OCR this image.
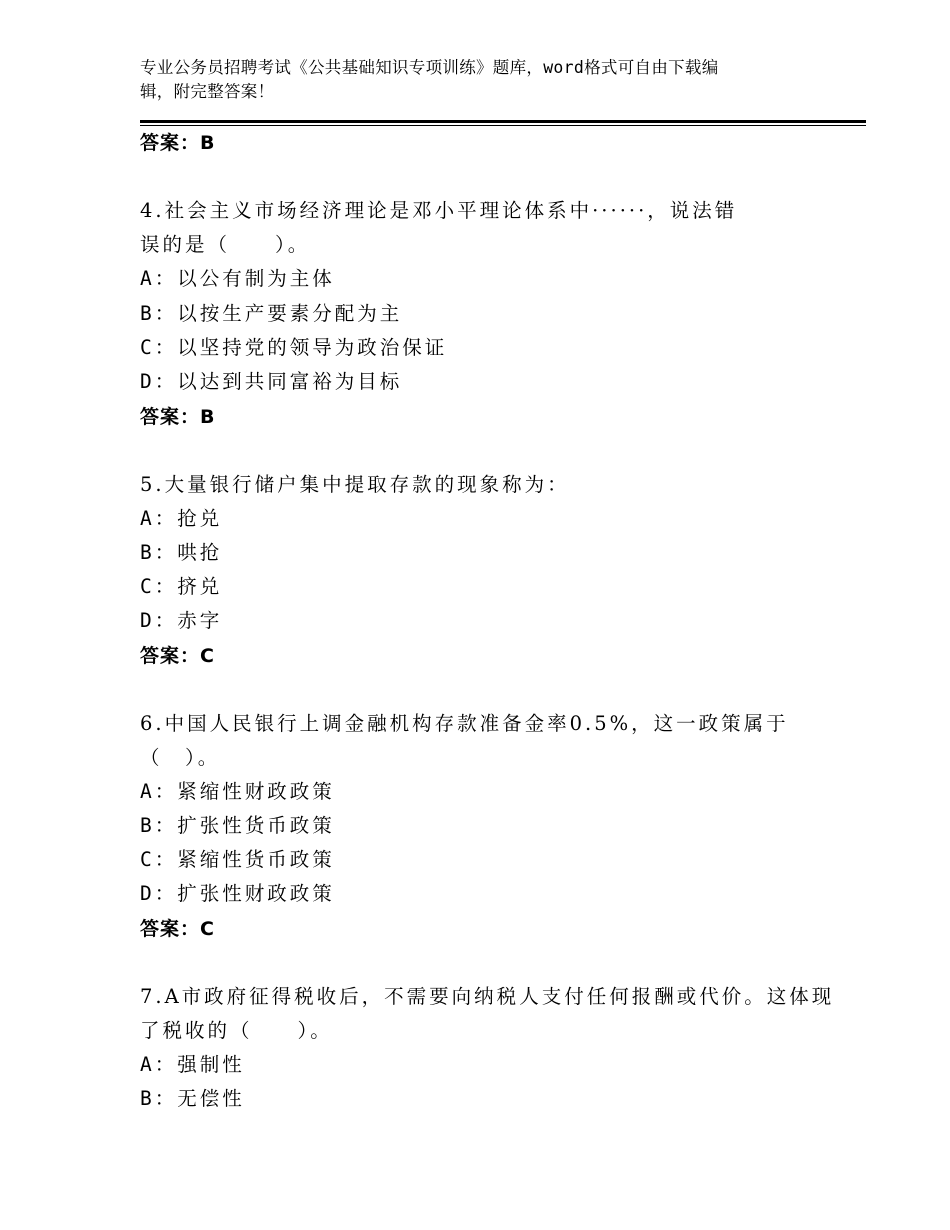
专业公务员招聘考试《公共基础知识专项训练》题库，word格式可自由下载编
辑，附完整答案！
答案：B
4.社会主义市场经济理论是邓小平理论体系中······，说法错
误的是（　　）。
A：以公有制为主体
B：以按生产要素分配为主
C：以坚持党的领导为政治保证
D：以达到共同富裕为目标
答案：B
5.大量银行储户集中提取存款的现象称为：
A：抢兑
B：哄抢
C：挤兑
D：赤字
答案：C
6.中国人民银行上调金融机构存款准备金率0.5%，这一政策属于
（　）。
A：紧缩性财政政策
B：扩张性货币政策
C：紧缩性货币政策
D：扩张性财政政策
答案：C
7.A市政府征得税收后，不需要向纳税人支付任何报酬或代价。这体现
了税收的（　　）。
A：强制性
B：无偿性
